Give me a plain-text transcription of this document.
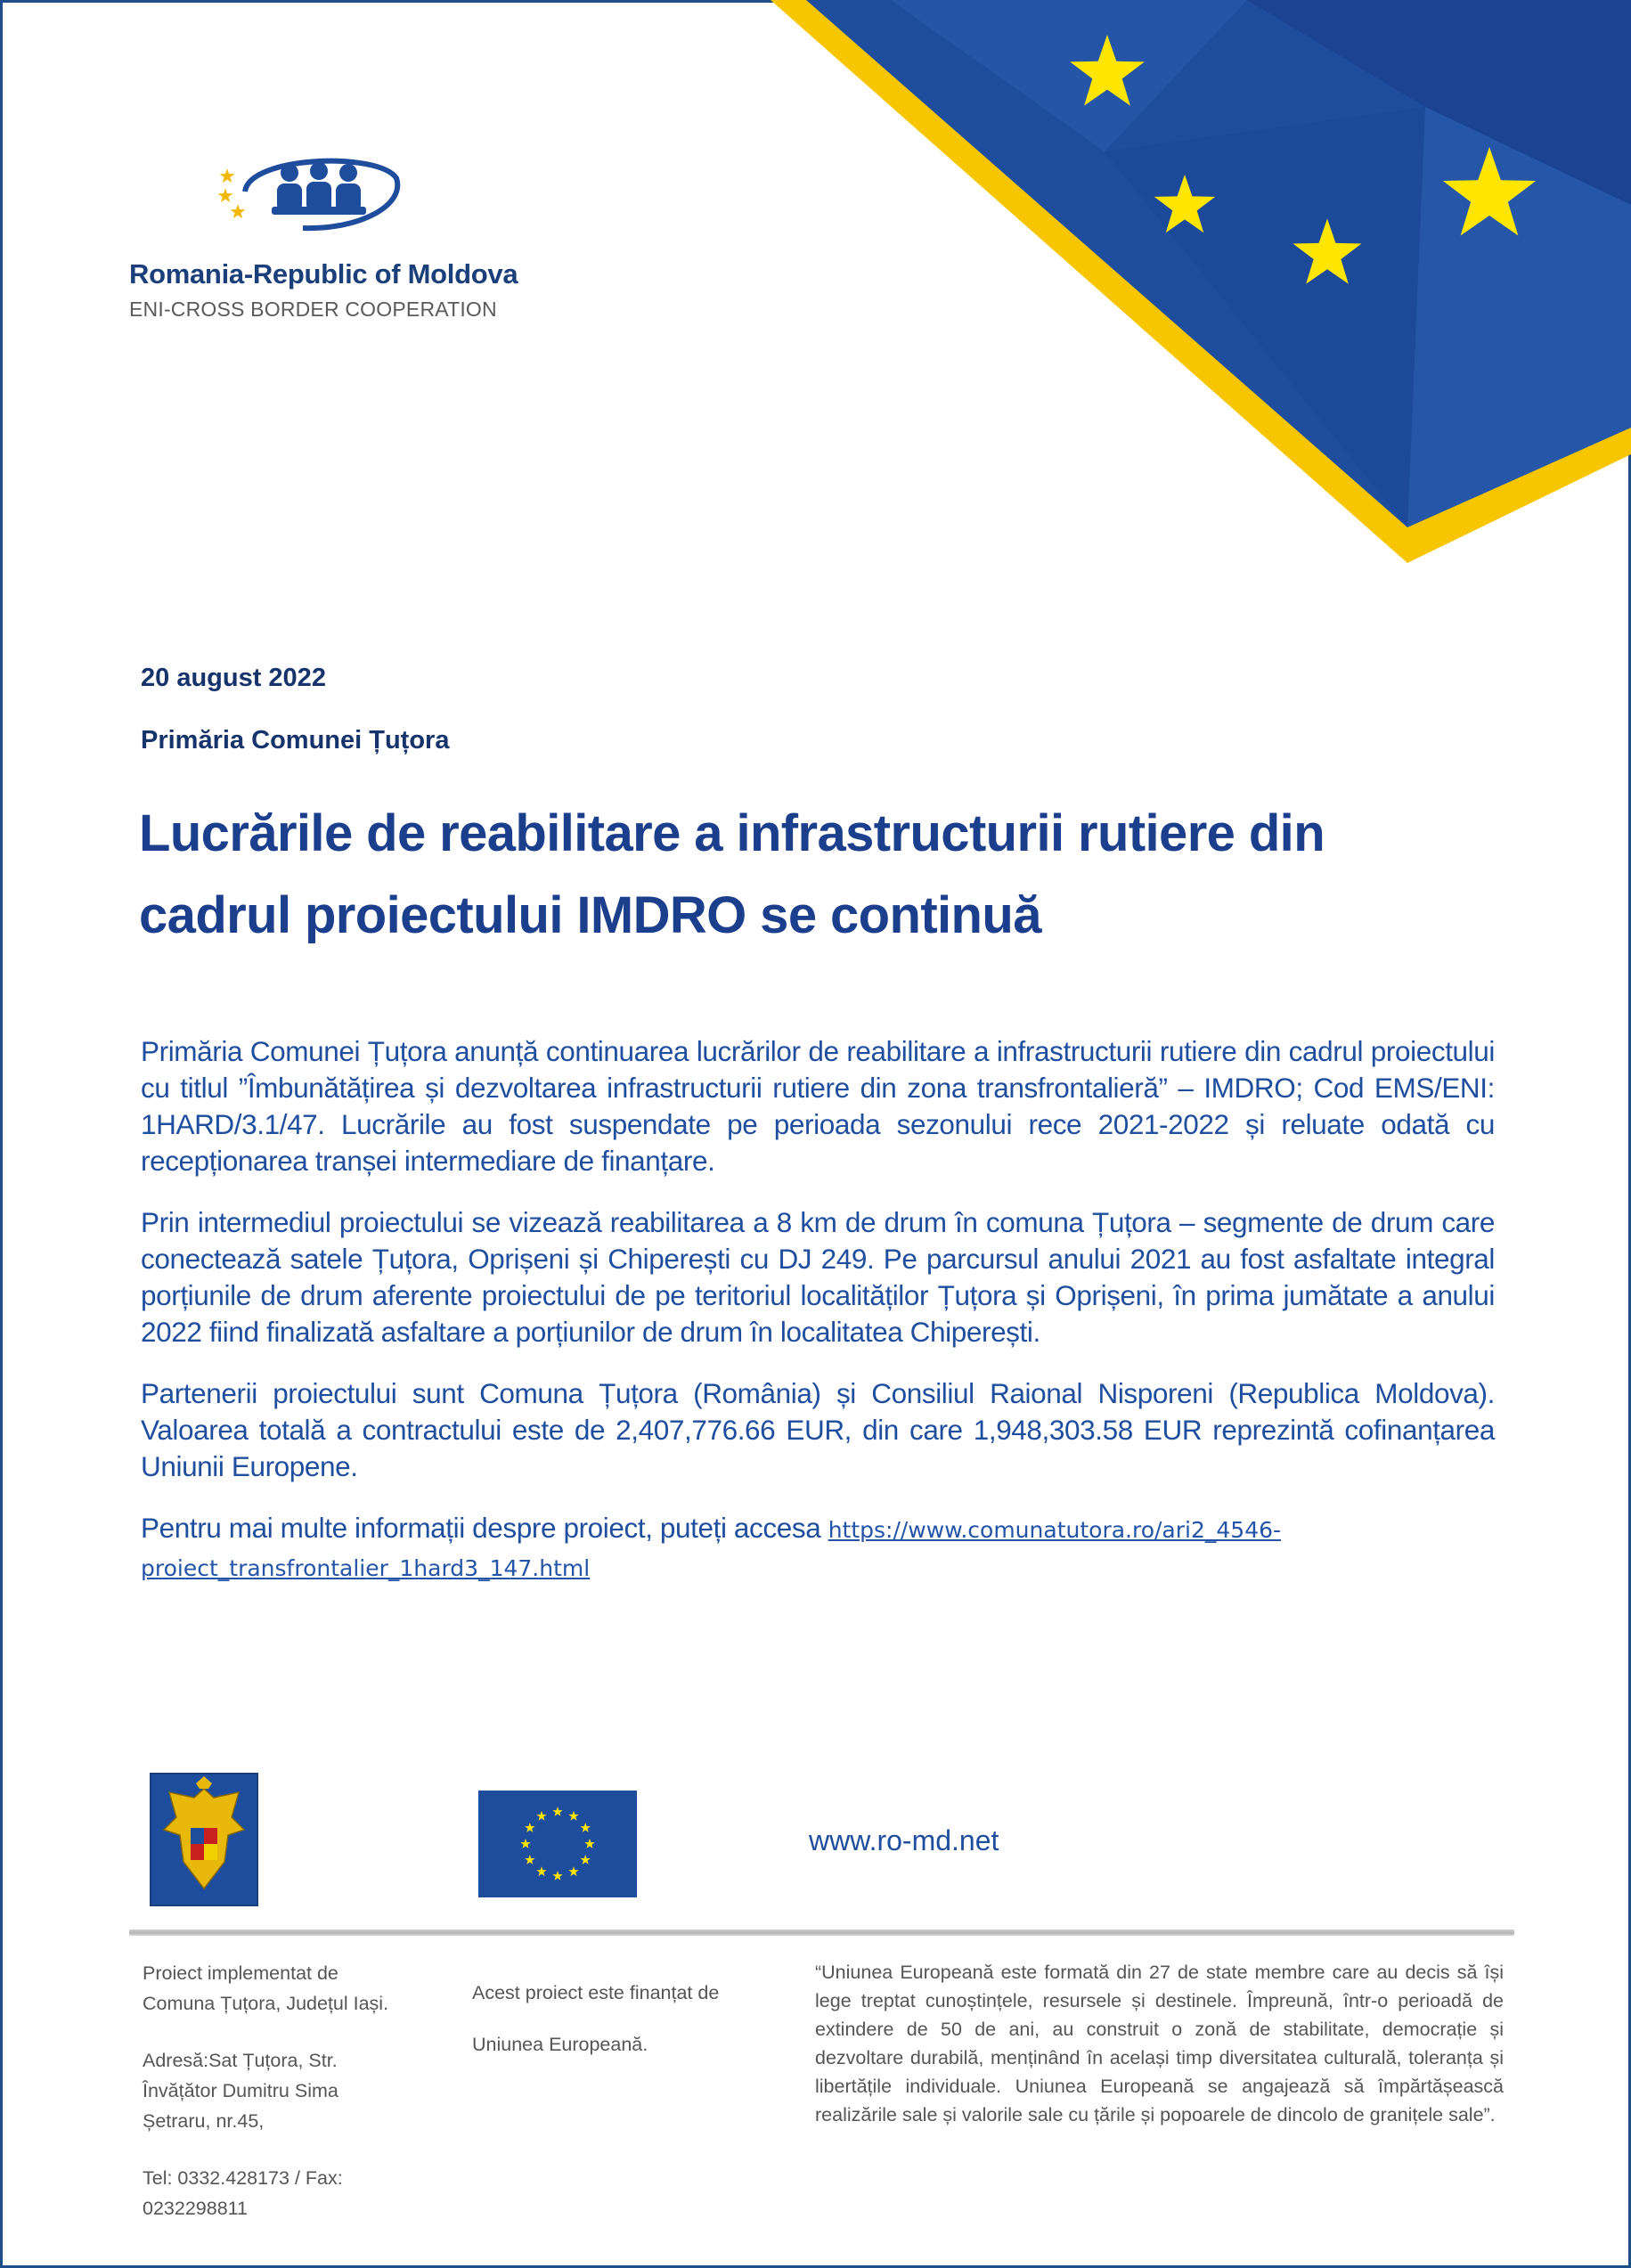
Romania-Republic of Moldova
ENI-CROSS BORDER COOPERATION
20 august 2022
Primăria Comunei Țuțora
Lucrările de reabilitare a infrastructurii rutiere din
cadrul proiectului IMDRO se continuă

Primăria Comunei Țuțora anunță continuarea lucrărilor de reabilitare a infrastructurii rutiere din cadrul proiectului cu titlul ”Îmbunătățirea și dezvoltarea infrastructurii rutiere din zona transfrontalieră” – IMDRO; Cod EMS/ENI: 1HARD/3.1/47. Lucrările au fost suspendate pe perioada sezonului rece 2021-2022 și reluate odată cu recepționarea tranșei intermediare de finanțare.

Prin intermediul proiectului se vizează reabilitarea a 8 km de drum în comuna Țuțora – segmente de drum care conectează satele Țuțora, Oprișeni și Chiperești cu DJ 249. Pe parcursul anului 2021 au fost asfaltate integral porțiunile de drum aferente proiectului de pe teritoriul localităților Țuțora și Oprișeni, în prima jumătate a anului 2022 fiind finalizată asfaltare a porțiunilor de drum în localitatea Chiperești.

Partenerii proiectului sunt Comuna Țuțora (România) și Consiliul Raional Nisporeni (Republica Moldova). Valoarea totală a contractului este de 2,407,776.66 EUR, din care 1,948,303.58 EUR reprezintă cofinanțarea Uniunii Europene.

Pentru mai multe informații despre proiect, puteți accesa https://www.comunatutora.ro/ari2_4546-proiect_transfrontalier_1hard3_147.html

www.ro-md.net

Proiect implementat de Comuna Țuțora, Județul Iași.

Adresă:Sat Țuțora, Str. Învățător Dumitru Sima Șetraru, nr.45,

Tel: 0332.428173 / Fax: 0232298811

Acest proiect este finanțat de Uniunea Europeană.
“Uniunea Europeană este formată din 27 de state membre care au decis să își lege treptat cunoștințele, resursele și destinele. Împreună, într-o perioadă de extindere de 50 de ani, au construit o zonă de stabilitate, democrație și dezvoltare durabilă, menținând în același timp diversitatea culturală, toleranța și libertățile individuale. Uniunea Europeană se angajează să împărtășească realizările sale și valorile sale cu țările și popoarele de dincolo de granițele sale”.
